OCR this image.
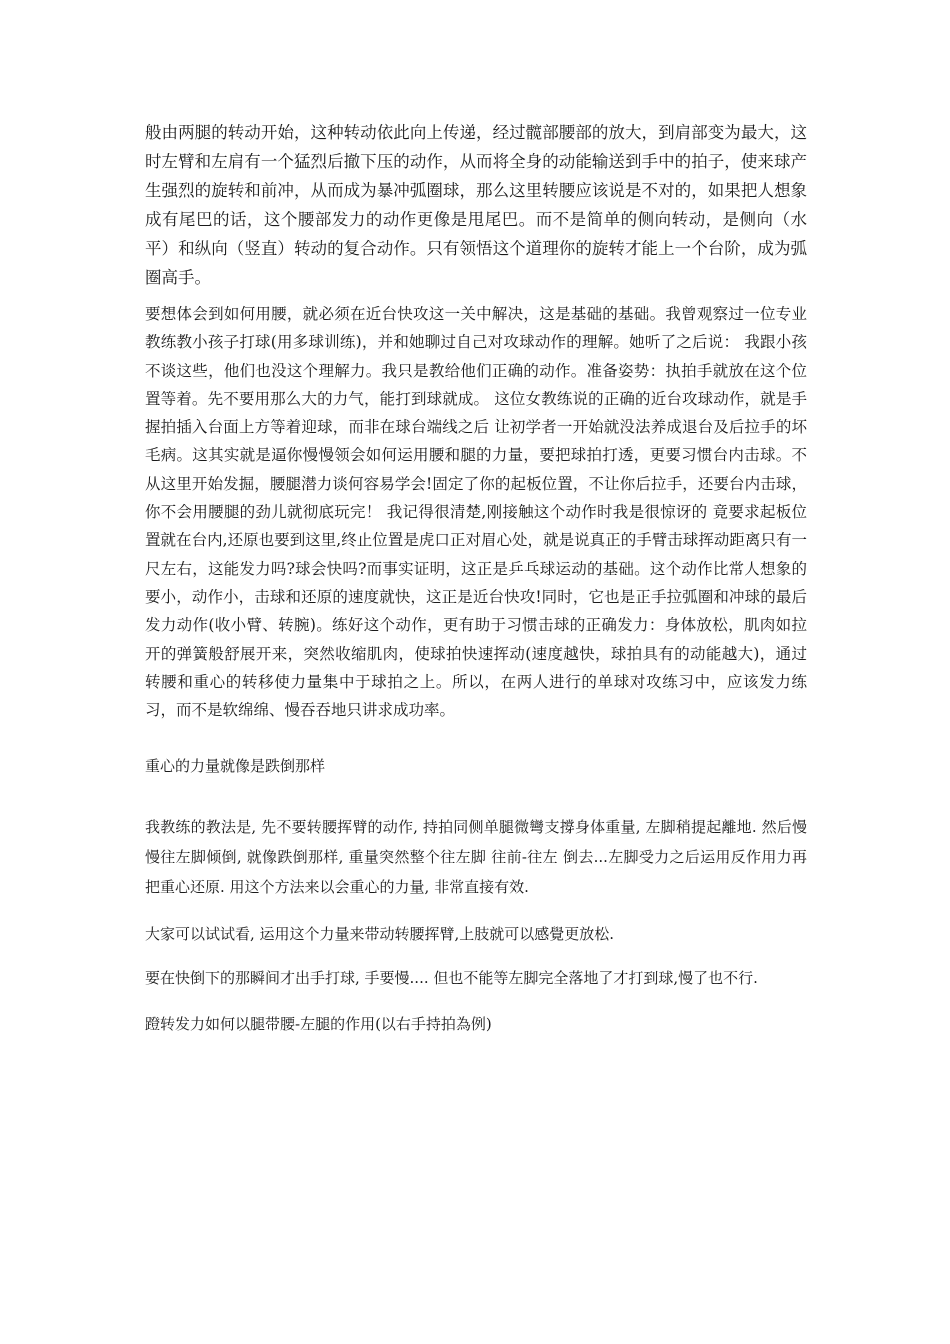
般由两腿的转动开始，这种转动依此向上传递，经过髋部腰部的放大，到肩部变为最大，这时左臂和左肩有一个猛烈后撤下压的动作，从而将全身的动能输送到手中的拍子，使来球产生强烈的旋转和前冲，从而成为暴冲弧圈球，那么这里转腰应该说是不对的，如果把人想象成有尾巴的话，这个腰部发力的动作更像是甩尾巴。而不是简单的侧向转动，是侧向（水平）和纵向（竖直）转动的复合动作。只有领悟这个道理你的旋转才能上一个台阶，成为弧圈高手。

要想体会到如何用腰，就必须在近台快攻这一关中解决，这是基础的基础。我曾观察过一位专业教练教小孩子打球(用多球训练)，并和她聊过自己对攻球动作的理解。她听了之后说： 我跟小孩不谈这些，他们也没这个理解力。我只是教给他们正确的动作。准备姿势：执拍手就放在这个位置等着。先不要用那么大的力气，能打到球就成。 这位女教练说的正确的近台攻球动作，就是手握拍插入台面上方等着迎球，而非在球台端线之后 让初学者一开始就没法养成退台及后拉手的坏毛病。这其实就是逼你慢慢领会如何运用腰和腿的力量，要把球拍打透，更要习惯台内击球。不从这里开始发掘，腰腿潜力谈何容易学会!固定了你的起板位置，不让你后拉手，还要台内击球，你不会用腰腿的劲儿就彻底玩完！ 我记得很清楚,刚接触这个动作时我是很惊讶的 竟要求起板位置就在台内,还原也要到这里,终止位置是虎口正对眉心处，就是说真正的手臂击球挥动距离只有一尺左右，这能发力吗?球会快吗?而事实证明，这正是乒乓球运动的基础。这个动作比常人想象的要小，动作小，击球和还原的速度就快，这正是近台快攻!同时，它也是正手拉弧圈和冲球的最后发力动作(收小臂、转腕)。练好这个动作，更有助于习惯击球的正确发力：身体放松，肌肉如拉开的弹簧般舒展开来，突然收缩肌肉，使球拍快速挥动(速度越快，球拍具有的动能越大)，通过转腰和重心的转移使力量集中于球拍之上。所以，在两人进行的单球对攻练习中，应该发力练习，而不是软绵绵、慢吞吞地只讲求成功率。

重心的力量就像是跌倒那样

我教练的教法是, 先不要转腰挥臂的动作, 持拍同侧单腿微彎支撐身体重量, 左脚稍提起離地. 然后慢慢往左脚倾倒, 就像跌倒那样, 重量突然整个往左脚 往前-往左 倒去...左脚受力之后运用反作用力再把重心还原. 用这个方法来以会重心的力量, 非常直接有效.

大家可以试试看, 运用这个力量来带动转腰挥臂,上肢就可以感覺更放松.

要在快倒下的那瞬间才出手打球, 手要慢.... 但也不能等左脚完全落地了才打到球,慢了也不行.

蹬转发力如何以腿带腰-左腿的作用(以右手持拍為例)
